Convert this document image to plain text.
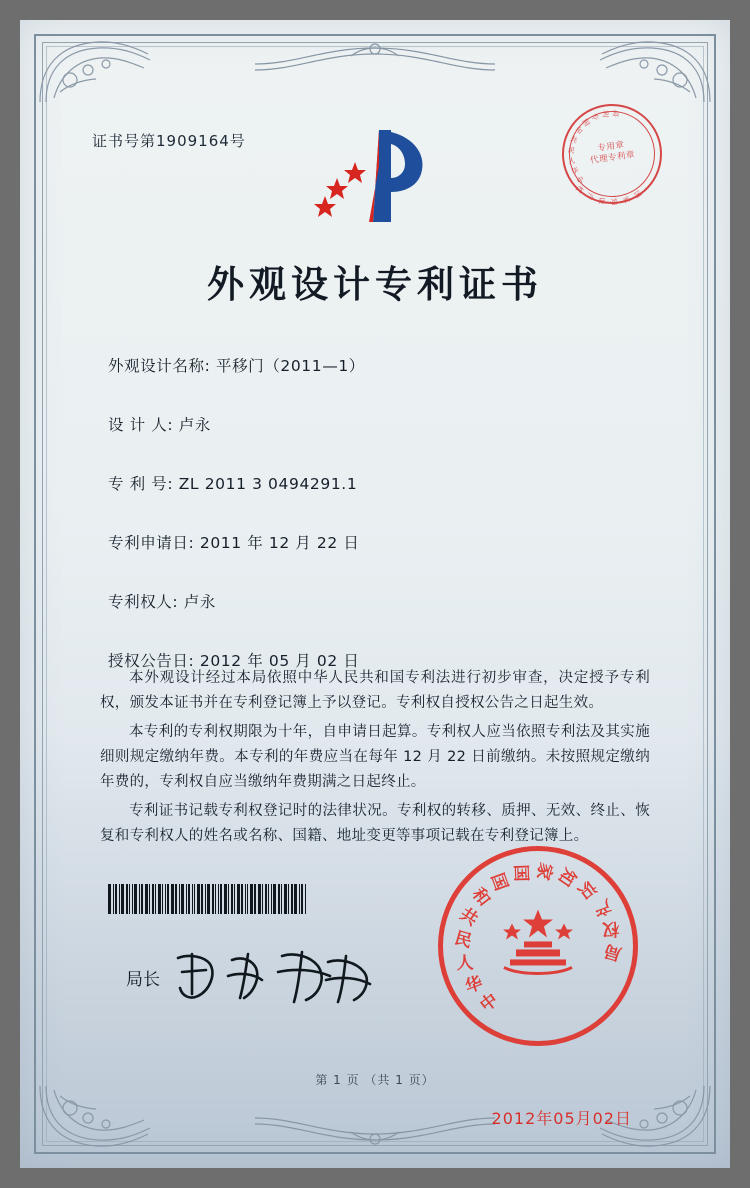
证书号第1909164号
中
华
人
民
共
和
国
专 利 局
国
家
知
识
产
权
专用章
代理专利章
外观设计专利证书
外观设计名称: 平移门（2011—1）
设 计 人: 卢永
专 利 号: ZL 2011 3 0494291.1
专利申请日: 2011 年 12 月 22 日
专利权人: 卢永
授权公告日: 2012 年 05 月 02 日

本外观设计经过本局依照中华人民共和国专利法进行初步审查，决定授予专利权，颁发本证书并在专利登记簿上予以登记。专利权自授权公告之日起生效。

本专利的专利权期限为十年，自申请日起算。专利权人应当依照专利法及其实施细则规定缴纳年费。本专利的年费应当在每年 12 月 22 日前缴纳。未按照规定缴纳年费的，专利权自应当缴纳年费期满之日起终止。

专利证书记载专利权登记时的法律状况。专利权的转移、质押、无效、终止、恢复和专利权人的姓名或名称、国籍、地址变更等事项记载在专利登记簿上。

局长
中
华
人
民
共
和
国 国 家
知
识
产
权
局
2012年05月02日
第 1 页 （共 1 页）
